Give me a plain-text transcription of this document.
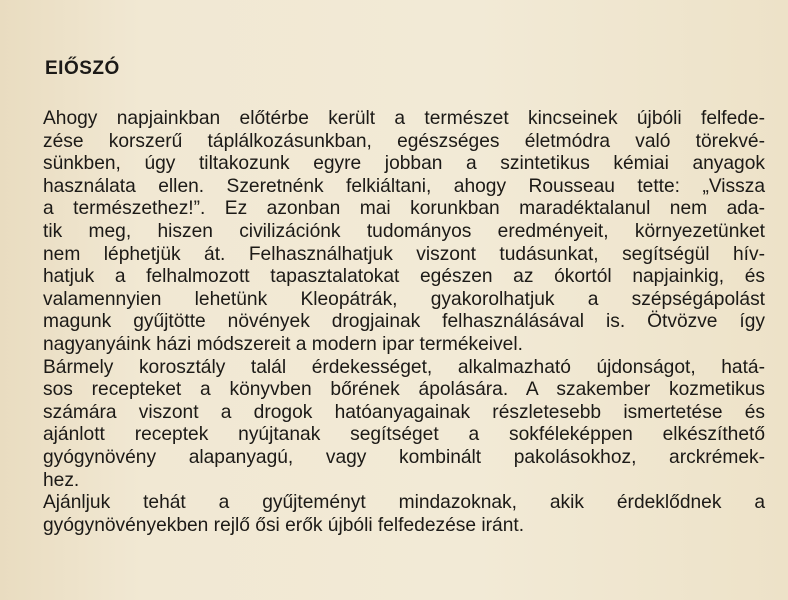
EIŐSZÓ
Ahogy napjainkban előtérbe került a természet kincseinek újbóli felfede-
zése korszerű táplálkozásunkban, egészséges életmódra való törekvé-
sünkben, úgy tiltakozunk egyre jobban a szintetikus kémiai anyagok
használata ellen. Szeretnénk felkiáltani, ahogy Rousseau tette: „Vissza
a természethez!”. Ez azonban mai korunkban maradéktalanul nem ada-
tik meg, hiszen civilizációnk tudományos eredményeit, környezetünket
nem léphetjük át. Felhasználhatjuk viszont tudásunkat, segítségül hív-
hatjuk a felhalmozott tapasztalatokat egészen az ókortól napjainkig, és
valamennyien lehetünk Kleopátrák, gyakorolhatjuk a szépségápolást
magunk gyűjtötte növények drogjainak felhasználásával is. Ötvözve így
nagyanyáink házi módszereit a modern ipar termékeivel.
Bármely korosztály talál érdekességet, alkalmazható újdonságot, hatá-
sos recepteket a könyvben bőrének ápolására. A szakember kozmetikus
számára viszont a drogok hatóanyagainak részletesebb ismertetése és
ajánlott receptek nyújtanak segítséget a sokféleképpen elkészíthető
gyógynövény alapanyagú, vagy kombinált pakolásokhoz, arckrémek-
hez.
Ajánljuk tehát a gyűjteményt mindazoknak, akik érdeklődnek a
gyógynövényekben rejlő ősi erők újbóli felfedezése iránt.
